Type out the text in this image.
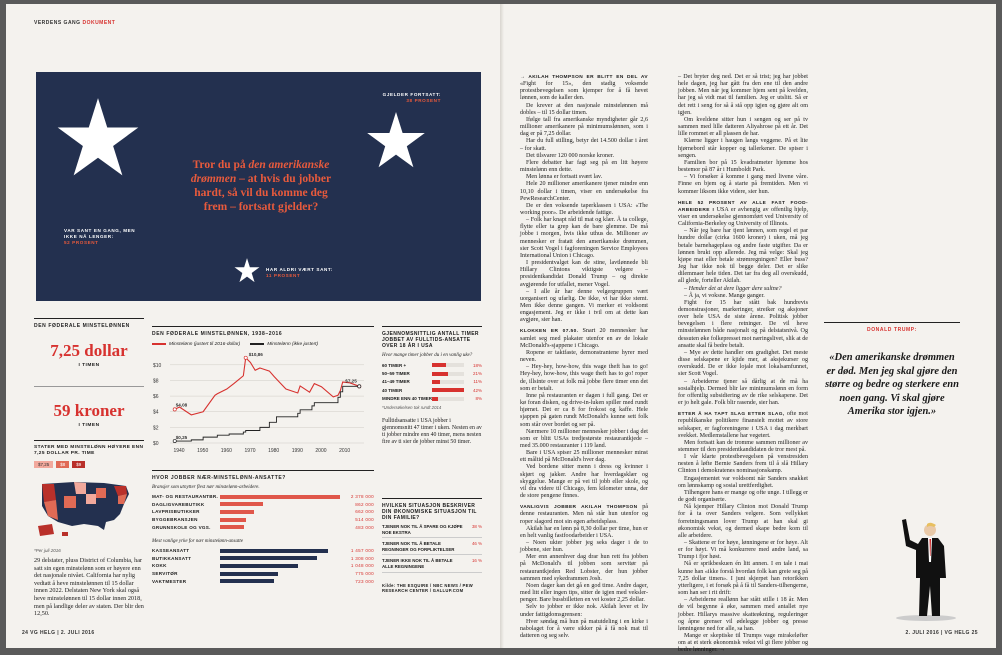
VERDENS GANG DOKUMENT
Tror du på den amerikanske drømmen – at hvis du jobber hardt, så vil du komme deg frem – fortsatt gjelder?
GJELDER FORTSATT:
38 PROSENT
VAR SANT EN GANG, MEN IKKE NÅ LENGER:
52 PROSENT
HAR ALDRI VÆRT SANT:
11 PROSENT
DEN FØDERALE MINSTELØNNEN
7,25 dollar
I TIMEN
59 kroner
I TIMEN
STATER MED MINSTELØNN HØYERE ENN 7,25 DOLLAR PR. TIME
$7,25	$8	$9
*Per juli 2016
29 delstater, pluss District of Columbia, har satt sin egen minstelønn som er høyere enn det nasjonale nivået. California har nylig vedtatt å heve minstelønnen til 15 dollar innen 2022. Delstaten New York skal også heve minstelønnen til 15 dollar innen 2018, men på landlige deler av staten. Der blir den 12,50.
DEN FØDERALE MINSTELØNNEN, 1938–2016
Minstelønn (justert til 2016-dollar)	Minstelønn (ikke justert)
$10
$8
$6
$4
$2
$0
1940	1950	1960	1970	1980	1990	2000	2010
$10,86
$4,08
$0,25
$7,25
HVOR JOBBER NÆR-MINSTELØNN-ANSATTE?
Bransjer som utnytter flest nær minstelønn-arbeidere.
MAT- OG RESTAURANTBR.	2 378 000
DAGLIGVAREBUTIKK	862 000
LAVPRISBUTIKKER	662 000
BYGGEBRANSJEN	514 000
GRUNNSKOLE OG VGS.	483 000
Mest vanlige yrke for nær minstelønn-ansatte
KASSEANSATT	1 457 000
BUTIKKANSATT	1 308 000
KOKK	1 048 000
SERVITØR	775 000
VAKTMESTER	723 000
GJENNOMSNITTLIG ANTALL TIMER JOBBET AV FULLTIDS-ANSATTE OVER 18 ÅR I USA
Hvor mange timer jobber du i en vanlig uke?
60 TIMER +	18%
50–59 TIMER	21%
41–49 TIMER	11%
40 TIMER	42%
MINDRE ENN 40 TIMER	8%
*Undersøkelsen tok rundt 2014
Fulltidsansatte i USA jobber i gjennomsnitt 47 timer i uken. Nesten en av ti jobber mindre enn 40 timer, mens nesten fire av ti sier de jobber minst 50 timer.
HVILKEN SITUASJON BESKRIVER DIN ØKONOMISKE SITUASJON TIL DIN FAMILIE?
TJENER NOK TIL Å SPARE OG KJØPE NOE EKSTRA
38 %
TJENER NOK TIL Å BETALE REGNINGER OG FORPLIKTELSER
46 %
TJENER IKKE NOK TIL Å BETALE ALLE REGNINGENE
16 %
Kilde: THE ESQUIRE / NBC NEWS / PEW RESEARCH CENTER / GALLUP.COM

→ AKILAH THOMPSON ER BLITT EN DEL AV «Fight for 15», den stadig voksende protestbevegelsen som kjemper for å få hevet lønnen, som de kaller den.

De krever at den nasjonale minstelønnen må dobles – til 15 dollar timen.

Ifølge tall fra amerikanske myndigheter går 2,6 millioner amerikanere på minimumslønnen, som i dag er på 7,25 dollar.

Har du full stilling, betyr det 14.500 dollar i året – for skatt.

Det tilsvarer 120 000 norske kroner.

Flere debatter har fagt seg på en litt høyere minstelønn enn dette.

Men lønna er fortsatt svært lav.

Hele 20 millioner amerikanere tjener mindre enn 10,10 dollar i timen, viser en undersøkelse fra PewResearchCenter.

De er den voksende taperklassen i USA: «The working poor». De arbeidende fattige.

– Folk har knapt råd til mat og klær. Å ta college, flytte eller ta grep kan de bare glemme. De må jobbe i morgen, hvis ikke uthus de. Millioner av mennesker er fratatt den amerikanske drømmen, sier Scott Vogel i fagforeningen Service Employees International Union i Chicago.

I presidentvalget kan de stine, lavtlønnede bli Hillary Clintons viktigste velgere – presidentkandidat Donald Trump – og direkte avgjørende for utfallet, mener Vogel.

– I alle år har denne velgergruppen vært uorganisert og ufarlig. De ikke, vi har ikke stemt. Men ikke denne gangen. Vi merker et voldsomt engasjement. Jeg er ikke i tvil om at dette kan avgjøre, sier han.

KLOKKEN ER 07.50. Snart 20 mennesker har samlet seg med plakater utenfor en av de lokale McDonald's-sjappene i Chicago.

Ropene er taktfaste, demonstrantene hyrer med neven.

– Hey-hey, how-how, this wage theft has to go! Hey-hey, how-how, this wage theft has to go! roper de, illsinte over at folk må jobbe flere timer enn det som er betalt.

Inne på restauranten er dagen i full gang. Det er kø foran disken, og drive-in-luken spiller med rundt hjørnet. Det er ca 8 for frokost og kaffe. Hele sjappen på gaten rundt McDonald's kunne sett folk som står over bordet og ser på.

Nærmere 10 millioner mennesker jobber i dag det som er blitt USAs tredjestørste restaurantkjede – med 35.000 restauranter i 119 land.

Bare i USA spiser 25 millioner mennesker minst ett måltid på McDonald's hver dag.

Ved bordene sitter menn i dress og kvinner i skjørt og jakker. Andre har hverdagsklær og skyggelue. Mange er på vei til jobb eller skole, og vil dra videre til Chicago, fem kilometer unna, der de store pengene finnes.

VANLIGVIS JOBBER AKILAH THOMPSON på denne restauranten. Men nå står hun utenfor og roper slagord mot sin egen arbeidsplass.

Akilah har en lønn på 8,30 dollar per time, hun er en helt vanlig fastfoodarbeider i USA.

– Noen ukter jobber jeg seks dager i de to jobbene, sier hun.

Mer enn annenhver dag drar hun rett fra jobben på McDonald's til jobben som servitør på restaurantkjeden Red Lobster, der hun jobber sammen med sykedrammen Josh.

Noen dager kan det gå en god time. Andre dager, med litt eller ingen tips, sitter de igjen med veksler-penger. Bare bussbilletten en vei koster 2,25 dollar.

Selv to jobber er ikke nok. Akilah lever et liv under fattigdomsgrensen:

Hver søndag må hun på matutdeling i en kirke i nabolaget for å være sikker på å få nok mat til datteren og seg selv.

– Det bryter deg ned. Det er så trist; jeg har jobbet hele dagen, jeg har gått fra den ene til den andre jobben. Men når jeg kommer hjem sent på kvelden, har jeg så vidt mat til familien. Jeg er utslitt. Så er det rett i seng for så å stå opp igjen og gjøre alt om igjen.

Om kveldene sitter hun i sengen og ser på tv sammen med lille datteren Aliyahrose på ett år. Det lille rommet er all plassen de har.

Klærne ligger i haugen langs veggene. På et lite hjørnebord står kopper og tallerkener. De spiser i sengen.

Familien bor på 15 kvadratmeter hjemme hos bestemor på 87 år i Humboldt Park.

– Vi forsøker å komme i gang med livene våre. Finne en bjem og å starte på fremtiden. Men vi kommer liksom ikke videre, sier hun.

HELE 52 PROSENT AV ALLE FAST FOOD-ARBEIDERE I USA er avhengig av offentlig hjelp, viser en undersøkelse gjennomført ved University of California-Berkeley og University of Illinois.

– Når jeg bare har tjent lønnen, som regel et par hundre dollar (cirka 1600 kroner) i uken, må jeg betale barnehageplass og andre faste utgifter. Da er lønnen brukt opp allerede. Jeg må velge: Skal jeg kjøpe mat eller betale strømregningen? Eller buss? Jeg har ikke nok til begge deler. Det er slike dilemmaer hele tiden. Det tar fra deg all overskudd, all glede, forteller Akilah.

– Hender det at dere ligger dere sultne?

– Å ja, vi voksne. Mange ganger.

Fight for 15 har stått bak hundrevis demonstrasjoner, markeringer, streiker og aksjoner over hele USA de siste årene. Politisk jobber bevegelsen i flere retninger. De vil heve minstelønnen både nasjonalt og på delstatsnivå. Og dessuten øke folkepresset mot næringslivet, slik at de ansatte skal få bedre betalt.

– Mye av dette handler om gradighet. Det meste disse selskapene er kjide mer, at aksjekurser og overskudd. De er ikke lojale mot lokalsamfunnet, sier Scott Vogel.

– Arbeiderne tjener så dårlig at de må ha sosialhjelp. Dermed blir lav minimumslønn en form for offentlig subsidiering av de rike selskapene. Det er jo helt gale. Folk blir rasende, sier han.

ETTER Å HA TAPT SLAG ETTER SLAG, ofte mot republikanske politikere finansielt mottet av store selskaper, er fagforeningene i USA i dag merkbart svekket. Medlemstallene har vegetert.

Men fortsatt kan de tromme sammen millioner av stemmer til den presidentkandidaten de tror mest på.

I vår klarte protestbevegelsen på venstresiden nesten å løfte Bernie Sanders frem til å slå Hillary Clinton i demokratenes nominasjonskamp.

Engasjementet var voldsomt når Sanders snakket om lønnskamp og sosial urettferdighet.

Tilhengere hans er mange og ofte unge. I tillegg er de godt organiserte.

Nå kjemper Hillary Clinton mot Donald Trump for å ta over Sanders velgere. Som vellykket forretningsmann lover Trump at han skal gi økonomisk vekst, og dermed skape bedre kom til alle arbeidere.

– Skattene er for høye, lønningene er for høye. Alt er for høyt. Vi må konkurrere med andre land, sa Trump i fjor høst.

Nå er sprikbeskuen én litt annen. I en tale i mai kunne han «ikke forstå hvordan folk kan greie seg på 7,25 dollar timen». I juni skjerpet han retorikken ytterligere, i et forsøk på å få til Sanders-tilhengerne, som han ser i rit drift:

– Arbeiderne reallønn har stått stille i 18 år. Men de vil begynne å øke, sammen med antallet nye jobber. Hillarys massive skatteøkning, reguleringer og åpne grenser vil ødelegge jobber og presse lønningene ned for alle, sa han.

Mange er skeptiske til Trumps vage mirakeløfter om at et sterk økonomisk vekst vil gi flere jobber og bedre lønninger. →

DONALD TRUMP:
«Den amerikanske drømmen er død. Men jeg skal gjøre den større og bedre og sterkere enn noen gang. Vi skal gjøre Amerika stor igjen.»
24 VG HELG | 2. JULI 2016	2. JULI 2016 | VG HELG 25
